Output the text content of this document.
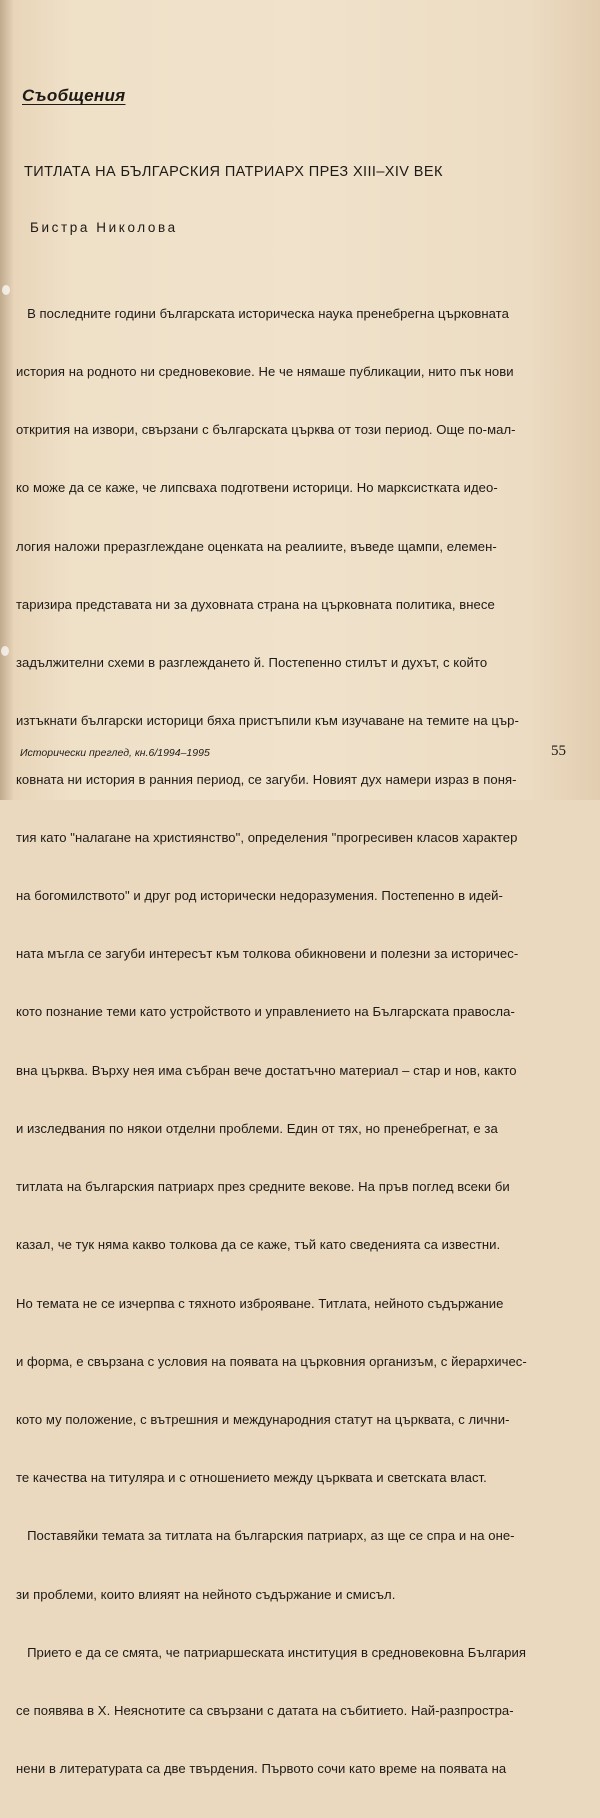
Съобщения
ТИТЛАТА НА БЪЛГАРСКИЯ ПАТРИАРХ ПРЕЗ XIII–XIV ВЕК
Бистра Николова

В последните години българската историческа наука пренебрегна църковната

история на родното ни средновековие. Не че нямаше публикации, нито пък нови

открития на извори, свързани с българската църква от този период. Още по-мал-

ко може да се каже, че липсваха подготвени историци. Но марксистката идео-

логия наложи преразглеждане оценката на реалиите, въведе щампи, елемен-

таризира представата ни за духовната страна на църковната политика, внесе

задължителни схеми в разглеждането й. Постепенно стилът и духът, с който

изтъкнати български историци бяха пристъпили към изучаване на темите на цър-

ковната ни история в ранния период, се загуби. Новият дух намери израз в поня-

тия като "налагане на християнство", определения "прогресивен класов характер

на богомилството" и друг род исторически недоразумения. Постепенно в идей-

ната мъгла се загуби интересът към толкова обикновени и полезни за историчес-

кото познание теми като устройството и управлението на Българската правосла-

вна църква. Върху нея има събран вече достатъчно материал – стар и нов, както

и изследвания по някои отделни проблеми. Един от тях, но пренебрегнат, е за

титлата на българския патриарх през средните векове. На пръв поглед всеки би

казал, че тук няма какво толкова да се каже, тъй като сведенията са известни.

Но темата не се изчерпва с тяхното изброяване. Титлата, нейното съдържание

и форма, е свързана с условия на появата на църковния организъм, с йерархичес-

кото му положение, с вътрешния и международния статут на църквата, с лични-

те качества на титуляра и с отношението между църквата и светската власт.

Поставяйки темата за титлата на българския патриарх, аз ще се спра и на оне-

зи проблеми, които влияят на нейното съдържание и смисъл.

Прието е да се смята, че патриаршеската институция в средновековна България

се появява в X. Неяснотите са свързани с датата на събитието. Най-разпростра-

нени в литературата са две твърдения. Първото сочи като време на появата на

Исторически преглед, кн.6/1994–1995	55
